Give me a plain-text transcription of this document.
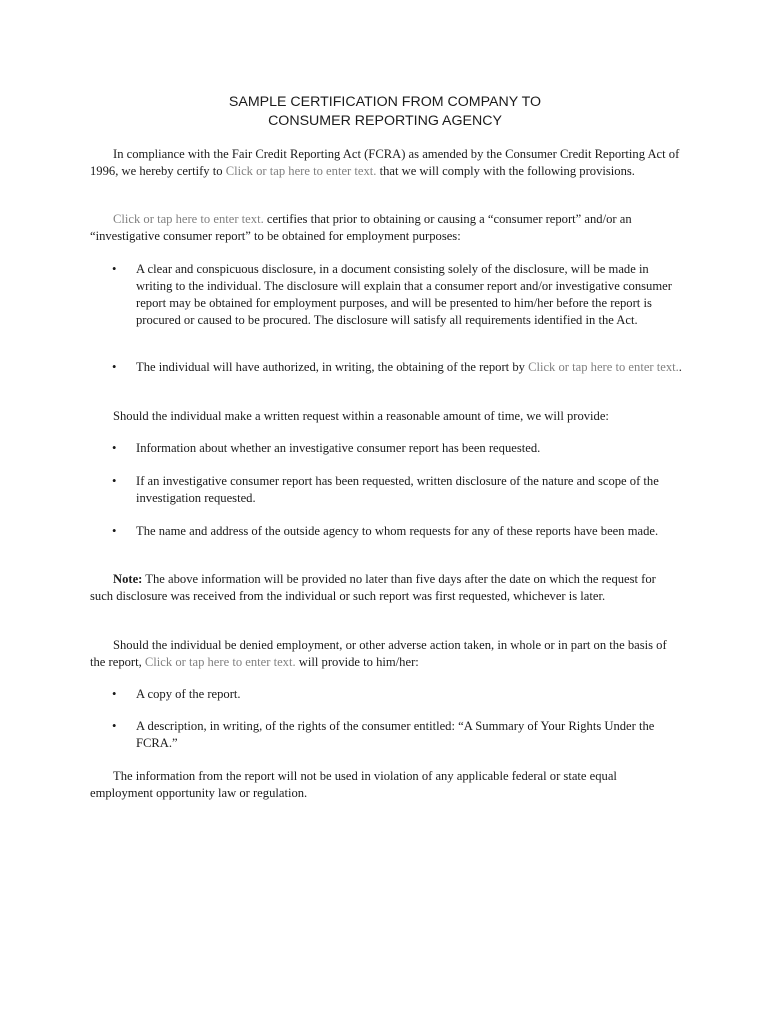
SAMPLE CERTIFICATION FROM COMPANY TO
CONSUMER REPORTING AGENCY

In compliance with the Fair Credit Reporting Act (FCRA) as amended by the Consumer Credit Reporting Act of 1996, we hereby certify to Click or tap here to enter text. that we will comply with the following provisions.

Click or tap here to enter text. certifies that prior to obtaining or causing a “consumer report” and/or an “investigative consumer report” to be obtained for employment purposes:

•	A clear and conspicuous disclosure, in a document consisting solely of the disclosure, will be made in writing to the individual. The disclosure will explain that a consumer report and/or investigative consumer report may be obtained for employment purposes, and will be presented to him/her before the report is procured or caused to be procured. The disclosure will satisfy all requirements identified in the Act.
•	The individual will have authorized, in writing, the obtaining of the report by Click or tap here to enter text..

Should the individual make a written request within a reasonable amount of time, we will provide:

•	Information about whether an investigative consumer report has been requested.
•	If an investigative consumer report has been requested, written disclosure of the nature and scope of the investigation requested.
•	The name and address of the outside agency to whom requests for any of these reports have been made.

Note: The above information will be provided no later than five days after the date on which the request for such disclosure was received from the individual or such report was first requested, whichever is later.

Should the individual be denied employment, or other adverse action taken, in whole or in part on the basis of the report, Click or tap here to enter text. will provide to him/her:

•	A copy of the report.
•	A description, in writing, of the rights of the consumer entitled: “A Summary of Your Rights Under the FCRA.”

The information from the report will not be used in violation of any applicable federal or state equal employment opportunity law or regulation.
